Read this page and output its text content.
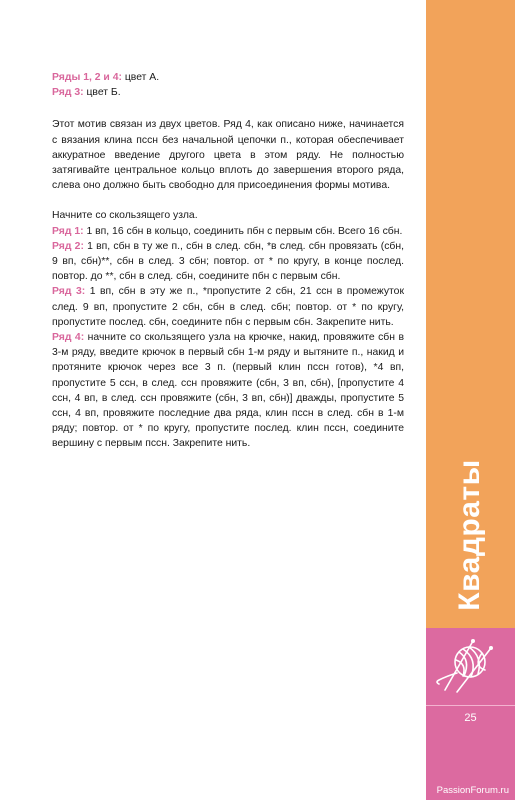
Ряды 1, 2 и 4: цвет А.

Ряд 3: цвет Б.

Этот мотив связан из двух цветов. Ряд 4, как описано ниже, начинается с вязания клина пссн без начальной цепочки п., которая обеспечивает аккуратное введение другого цвета в этом ряду. Не полностью затягивайте центральное кольцо вплоть до завершения второго ряда, слева оно должно быть свободно для присоединения формы мотива.

Начните со скользящего узла.

Ряд 1: 1 вп, 16 сбн в кольцо, соединить пбн с первым сбн. Всего 16 сбн.

Ряд 2: 1 вп, сбн в ту же п., сбн в след. сбн, *в след. сбн провязать (сбн, 9 вп, сбн)**, сбн в след. 3 сбн; повтор. от * по кругу, в конце послед. повтор. до **, сбн в след. сбн, соедините пбн с первым сбн.

Ряд 3: 1 вп, сбн в эту же п., *пропустите 2 сбн, 21 ссн в промежуток след. 9 вп, пропустите 2 сбн, сбн в след. сбн; повтор. от * по кругу, пропустите послед. сбн, соедините пбн с первым сбн. Закрепите нить.

Ряд 4: начните со скользящего узла на крючке, накид, провяжите сбн в 3-м ряду, введите крючок в первый сбн 1-м ряду и вытяните п., накид и протяните крючок через все 3 п. (первый клин пссн готов), *4 вп, пропустите 5 ссн, в след. ссн провяжите (сбн, 3 вп, сбн), [пропустите 4 ссн, 4 вп, в след. ссн провяжите (сбн, 3 вп, сбн)] дважды, пропустите 5 ссн, 4 вп, провяжите последние два ряда, клин пссн в след. сбн в 1-м ряду; повтор. от * по кругу, пропустите послед. клин пссн, соедините вершину с первым пссн. Закрепите нить.

Квадраты
25
PassionForum.ru
